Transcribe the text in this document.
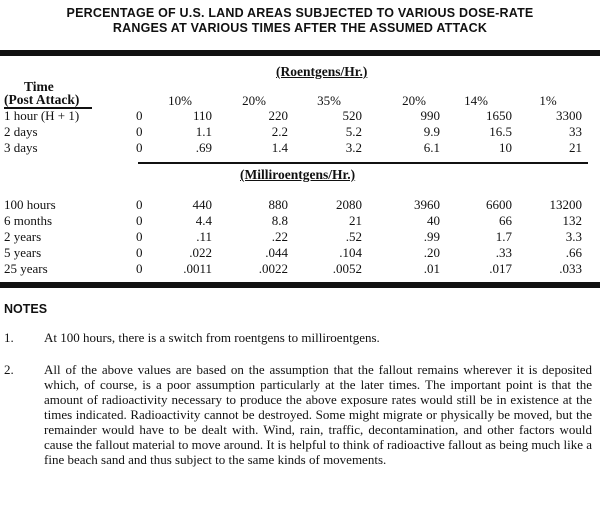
PERCENTAGE OF U.S. LAND AREAS SUBJECTED TO VARIOUS DOSE-RATE
RANGES AT VARIOUS TIMES AFTER THE ASSUMED ATTACK
(Roentgens/Hr.)
Time
(Post Attack)	10%	20%	35%	20%	14%	1%
1 hour (H + 1)	0	110	220	520	990	1650	3300
2 days	0	1.1	2.2	5.2	9.9	16.5	33
3 days	0	.69	1.4	3.2	6.1	10	21
(Milliroentgens/Hr.)
100 hours	0	440	880	2080	3960	6600	13200
6 months	0	4.4	8.8	21	40	66	132
2 years	0	.11	.22	.52	.99	1.7	3.3
5 years	0	.022	.044	.104	.20	.33	.66
25 years	0	.0011	.0022	.0052	.01	.017	.033
NOTES
1. At 100 hours, there is a switch from roentgens to milliroentgens.
2. All of the above values are based on the assumption that the fallout remains wherever it is deposited which, of course, is a poor assumption particularly at the later times. The important point is that the amount of radioactivity necessary to produce the above exposure rates would still be in existence at the times indicated. Radioactivity cannot be destroyed. Some might migrate or physically be moved, but the remainder would have to be dealt with. Wind, rain, traffic, decontamination, and other factors would cause the fallout material to move around. It is helpful to think of radioactive fallout as being much like a fine beach sand and thus subject to the same kinds of movements.
